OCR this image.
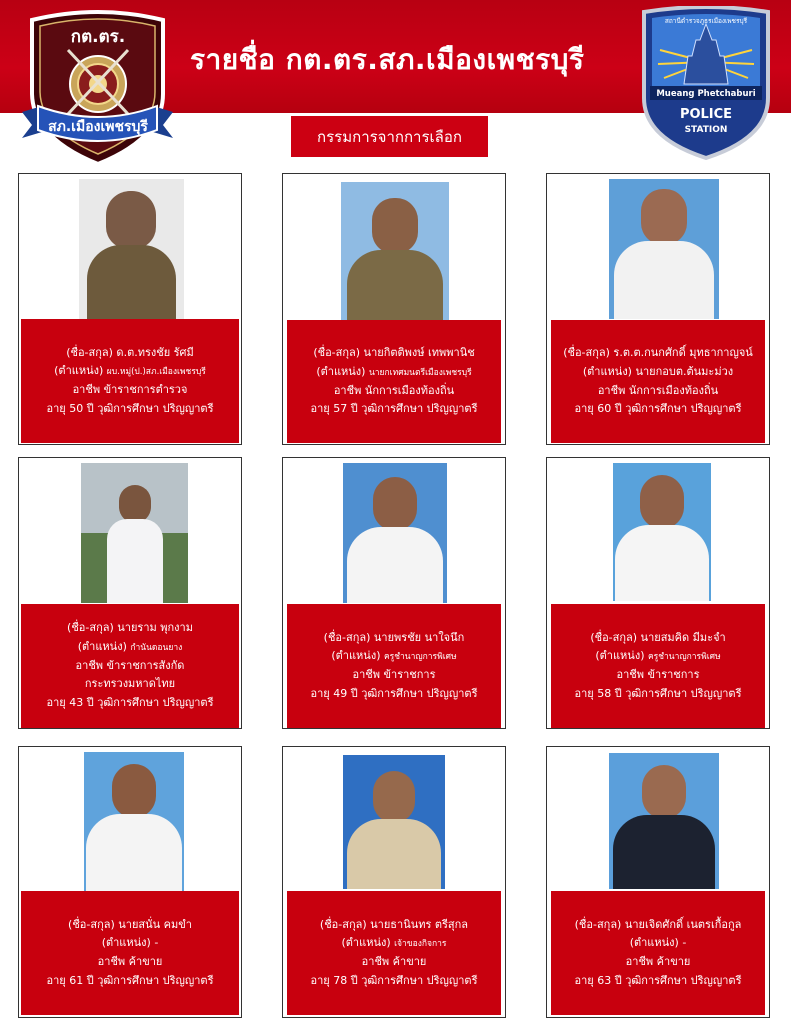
กต.ตร.
สภ.เมืองเพชรบุรี
รายชื่อ กต.ตร.สภ.เมืองเพชรบุรี
สถานีตำรวจภูธรเมืองเพชรบุรี
Mueang Phetchaburi
POLICE
STATION
กรรมการจากการเลือก
(ชื่อ-สกุล) ด.ต.ทรงชัย รัศมี
(ตำแหน่ง) ผบ.หมู่(ป.)สภ.เมืองเพชรบุรี
อาชีพ ข้าราชการตำรวจ
อายุ 50 ปี วุฒิการศึกษา ปริญญาตรี
(ชื่อ-สกุล) นายกิตติพงษ์ เทพพานิช
(ตำแหน่ง) นายกเทศมนตรีเมืองเพชรบุรี
อาชีพ นักการเมืองท้องถิ่น
อายุ 57 ปี วุฒิการศึกษา ปริญญาตรี
(ชื่อ-สกุล) ร.ต.ต.กนกศักดิ์ มุทธากาญจน์
(ตำแหน่ง) นายกอบต.ต้นมะม่วง
อาชีพ นักการเมืองท้องถิ่น
อายุ 60 ปี วุฒิการศึกษา ปริญญาตรี
(ชื่อ-สกุล) นายราม พุกงาม
(ตำแหน่ง) กำนันดอนยาง
อาชีพ ข้าราชการสังกัด
กระทรวงมหาดไทย
อายุ 43 ปี วุฒิการศึกษา ปริญญาตรี
(ชื่อ-สกุล) นายพรชัย นาใจนึก
(ตำแหน่ง) ครูชำนาญการพิเศษ
อาชีพ ข้าราชการ
อายุ 49 ปี วุฒิการศึกษา ปริญญาตรี
(ชื่อ-สกุล) นายสมคิด มีมะจำ
(ตำแหน่ง) ครูชำนาญการพิเศษ
อาชีพ ข้าราชการ
อายุ 58 ปี วุฒิการศึกษา ปริญญาตรี
(ชื่อ-สกุล) นายสนั่น คมขำ
(ตำแหน่ง) -
อาชีพ ค้าขาย
อายุ 61 ปี วุฒิการศึกษา ปริญญาตรี
(ชื่อ-สกุล) นายธานินทร ตรีสุกล
(ตำแหน่ง) เจ้าของกิจการ
อาชีพ ค้าขาย
อายุ 78 ปี วุฒิการศึกษา ปริญญาตรี
(ชื่อ-สกุล) นายเจิดศักดิ์ เนตรเกื้อกูล
(ตำแหน่ง) -
อาชีพ ค้าขาย
อายุ 63 ปี วุฒิการศึกษา ปริญญาตรี
